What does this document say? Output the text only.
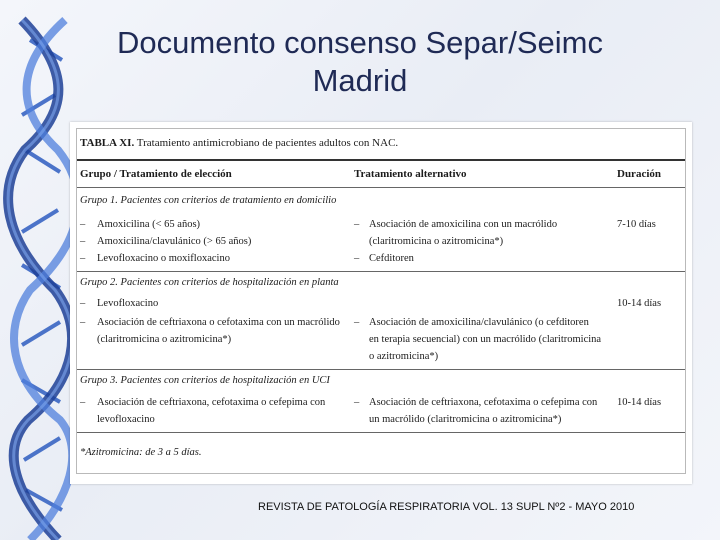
Documento consenso Separ/Seimc
Madrid
TABLA XI. Tratamiento antimicrobiano de pacientes adultos con NAC.
Grupo / Tratamiento de elección	Tratamiento alternativo	Duración
Grupo 1. Pacientes con criterios de tratamiento en domicilio
– Amoxicilina (< 65 años)
– Amoxicilina/clavulánico (> 65 años)
– Levofloxacino o moxifloxacino
– Asociación de amoxicilina con un macrólido
(claritromicina o azitromicina*)
– Cefditoren
7-10 días
Grupo 2. Pacientes con criterios de hospitalización en planta
– Levofloxacino
– Asociación de ceftriaxona o cefotaxima con un macrólido
(claritromicina o azitromicina*)
– Asociación de amoxicilina/clavulánico (o cefditoren
en terapia secuencial) con un macrólido (claritromicina
o azitromicina*)
10-14 días
Grupo 3. Pacientes con criterios de hospitalización en UCI
– Asociación de ceftriaxona, cefotaxima o cefepima con
levofloxacino
– Asociación de ceftriaxona, cefotaxima o cefepima con
un macrólido (claritromicina o azitromicina*)
10-14 días
*Azitromicina: de 3 a 5 días.
REVISTA DE PATOLOGÍA RESPIRATORIA VOL. 13 SUPL Nº2 - MAYO 2010
